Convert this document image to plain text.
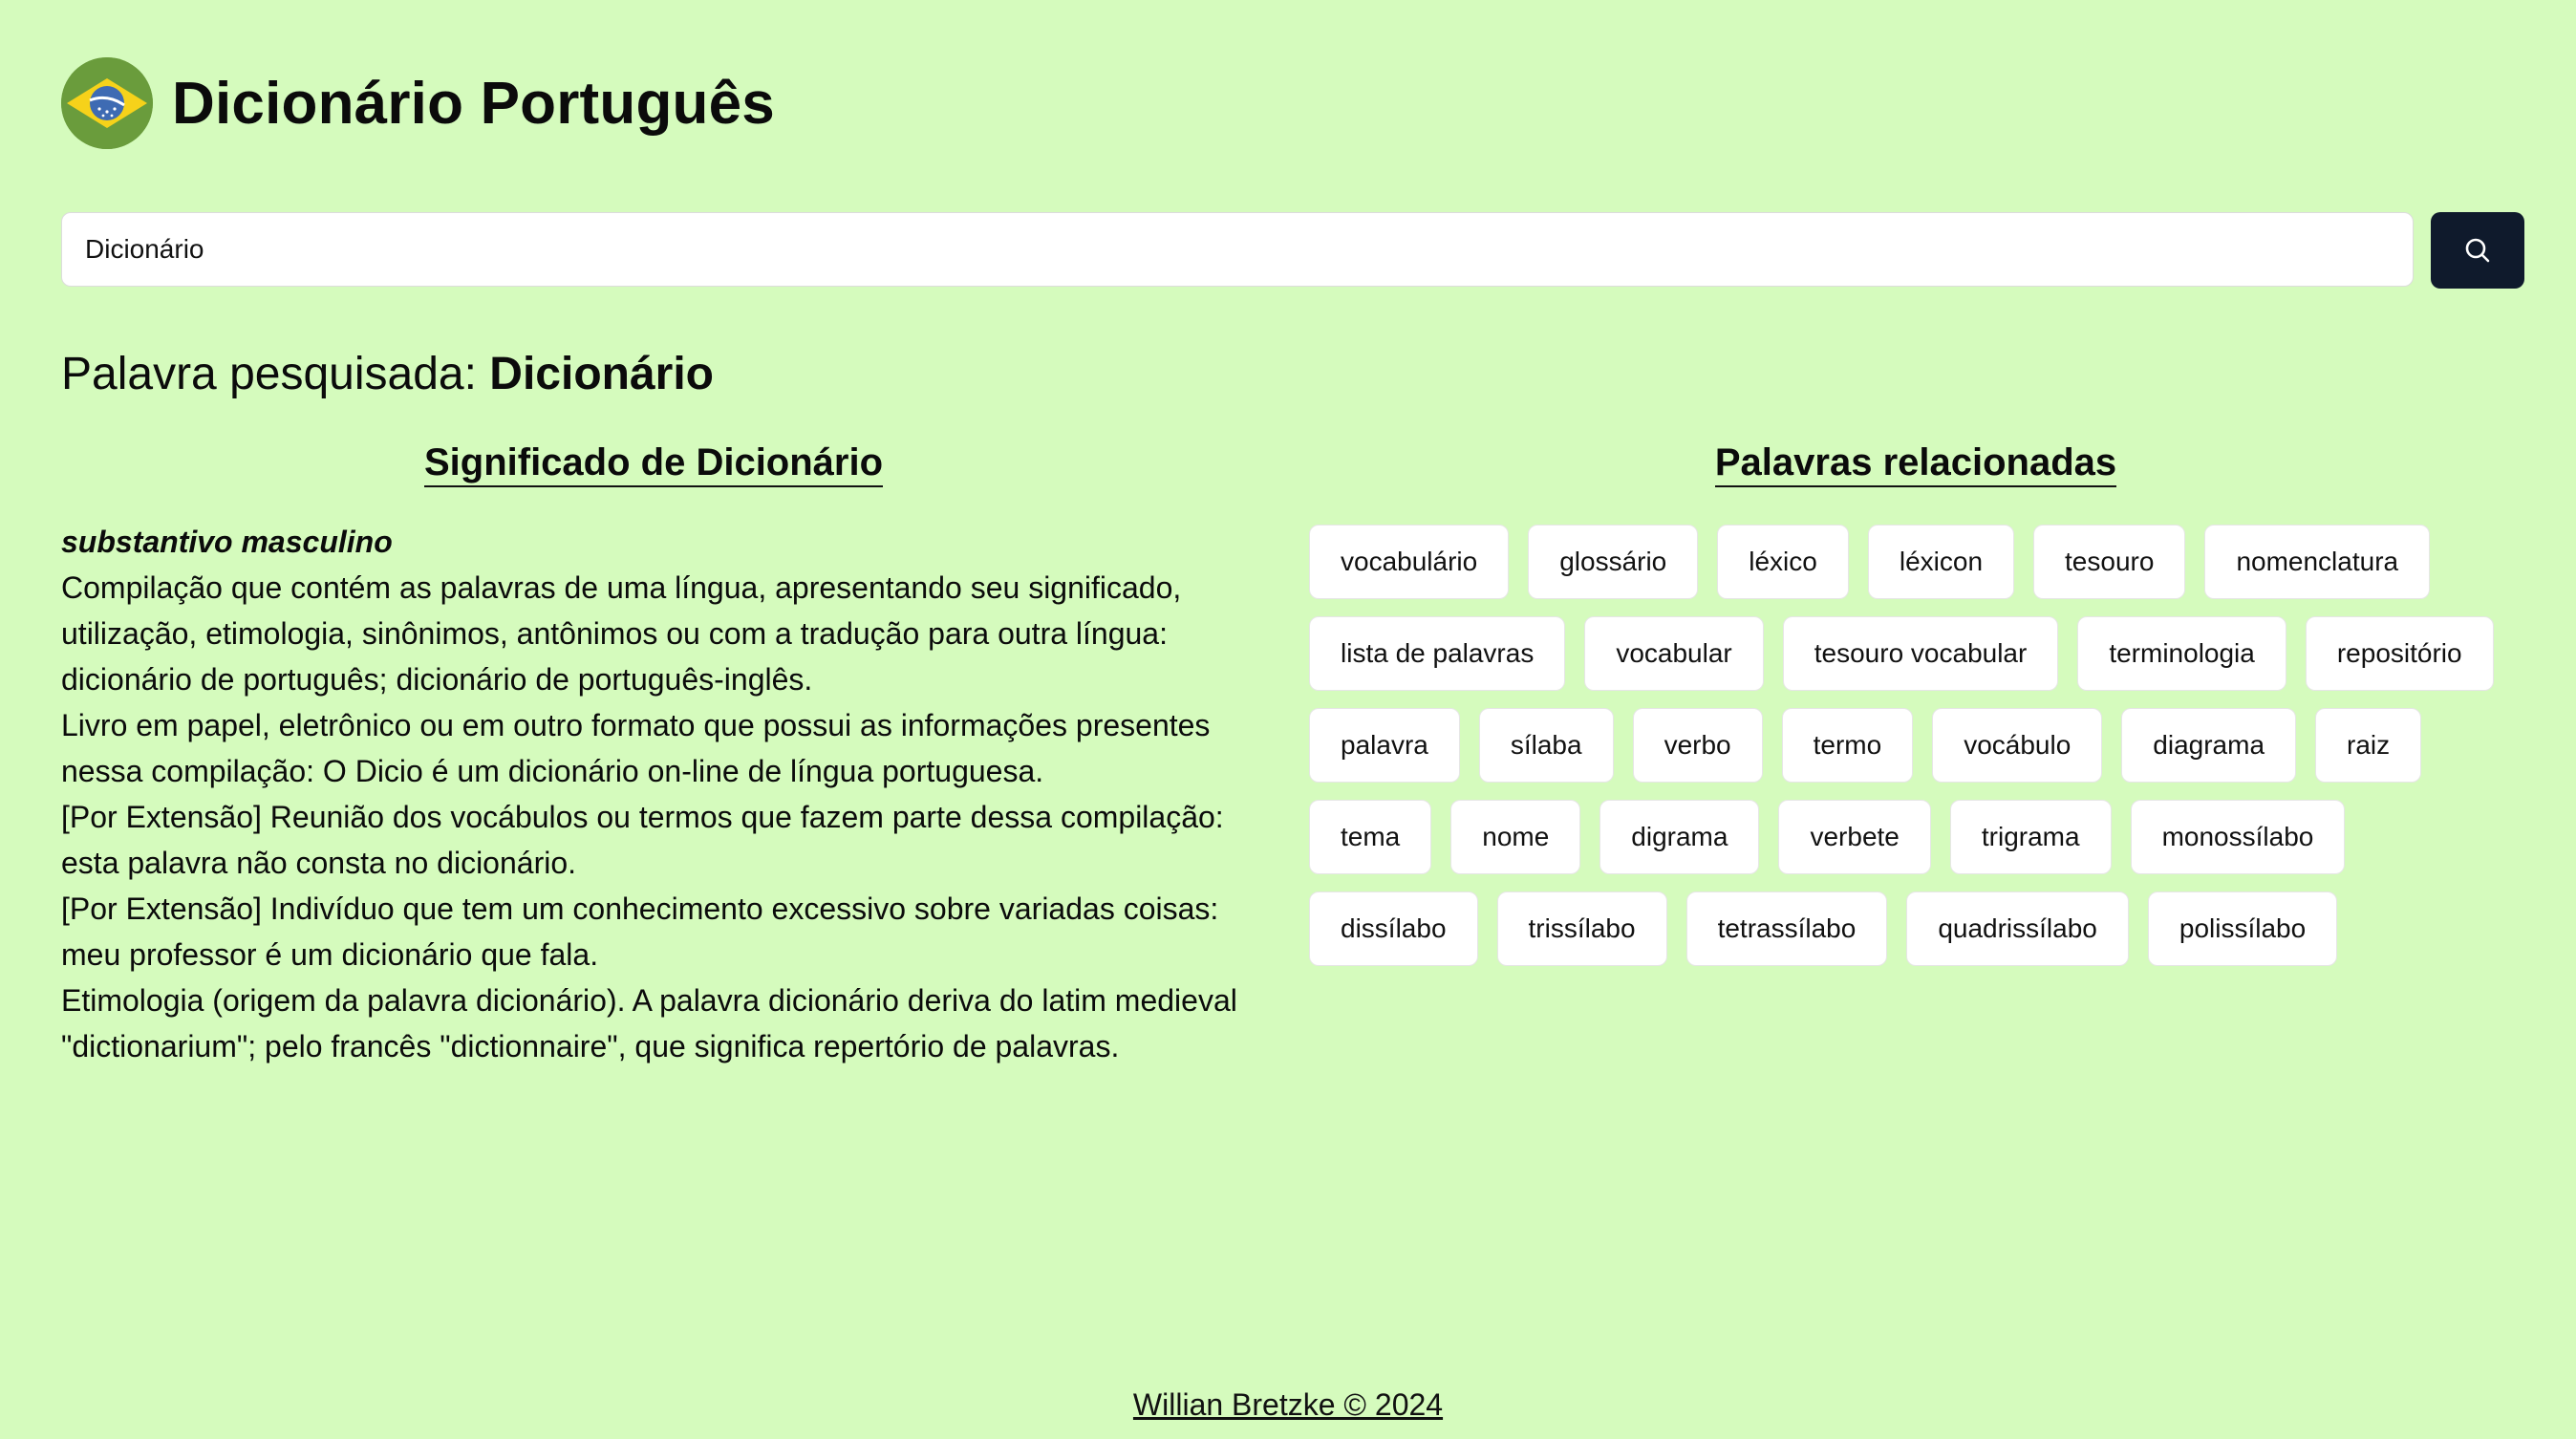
Dicionário Português
Dicionário
Palavra pesquisada: Dicionário
Significado de Dicionário
substantivo masculino

Compilação que contém as palavras de uma língua, apresentando seu significado, utilização, etimologia, sinônimos, antônimos ou com a tradução para outra língua: dicionário de português; dicionário de português-inglês.

Livro em papel, eletrônico ou em outro formato que possui as informações presentes nessa compilação: O Dicio é um dicionário on-line de língua portuguesa.

[Por Extensão] Reunião dos vocábulos ou termos que fazem parte dessa compilação: esta palavra não consta no dicionário.

[Por Extensão] Indivíduo que tem um conhecimento excessivo sobre variadas coisas: meu professor é um dicionário que fala.

Etimologia (origem da palavra dicionário). A palavra dicionário deriva do latim medieval "dictionarium"; pelo francês "dictionnaire", que significa repertório de palavras.

Palavras relacionadas
vocabulário	glossário	léxico	léxicon	tesouro	nomenclatura
lista de palavras	vocabular	tesouro vocabular	terminologia	repositório
palavra	sílaba	verbo	termo	vocábulo	diagrama	raiz
tema	nome	digrama	verbete	trigrama	monossílabo
dissílabo	trissílabo	tetrassílabo	quadrissílabo	polissílabo
Willian Bretzke © 2024
